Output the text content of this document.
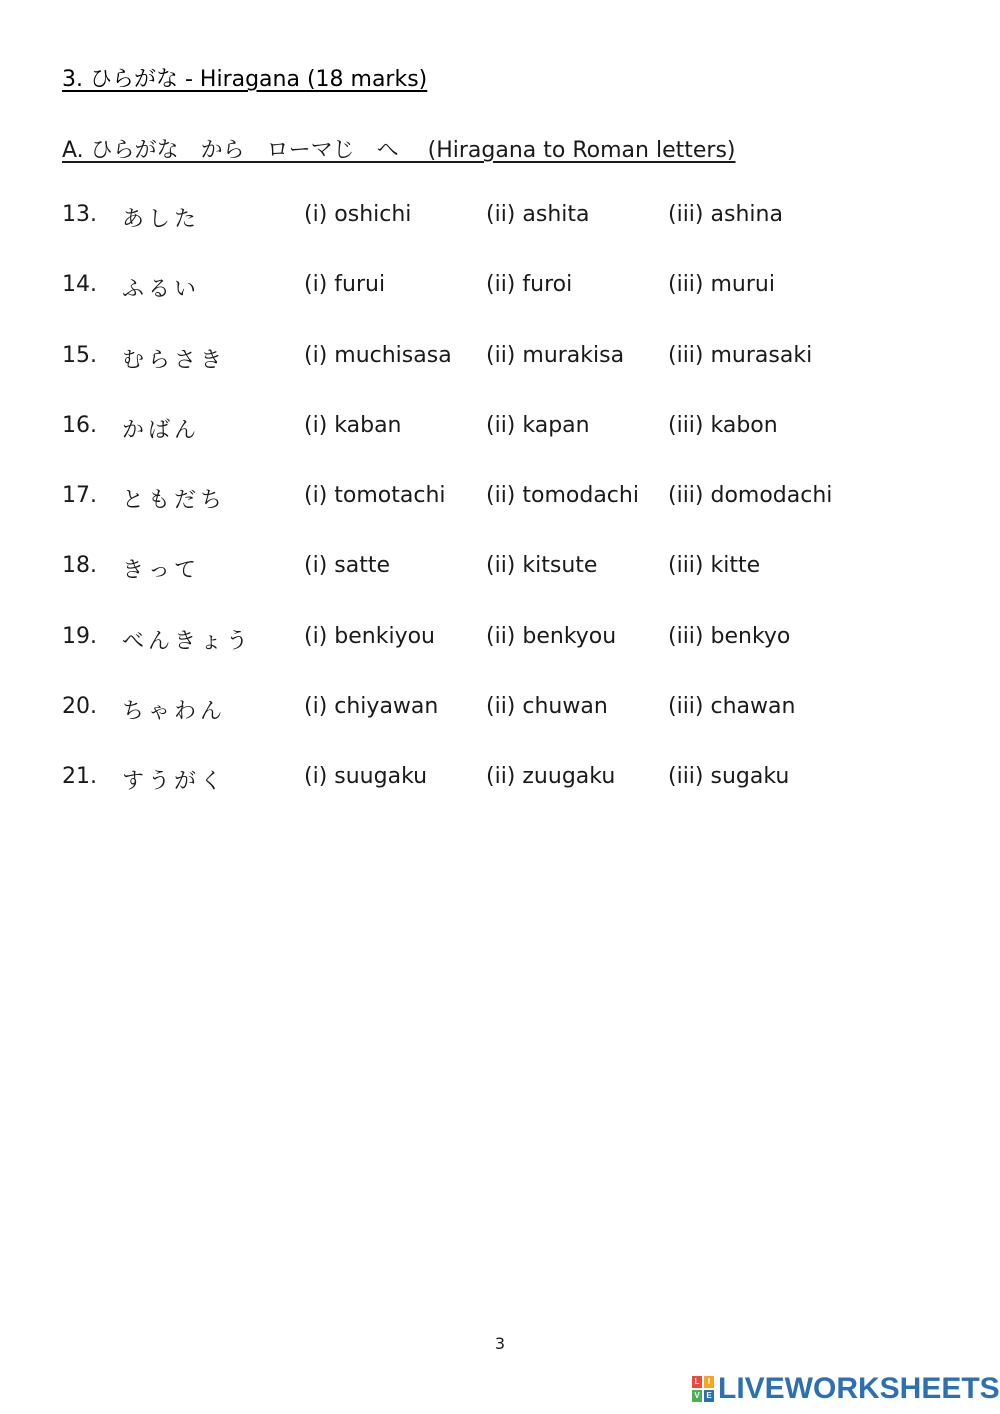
3. ひらがな - Hiragana (18 marks)
A. ひらがな　から　ローマじ　へ　 (Hiragana to Roman letters)
13. あした	(i) oshichi	(ii) ashita	(iii) ashina
14. ふるい	(i) furui	(ii) furoi	(iii) murui
15. むらさき	(i) muchisasa (ii) murakisa (iii) murasaki
16. かばん	(i) kaban	(ii) kapan	(iii) kabon
17. ともだち	(i) tomotachi (ii) tomodachi (iii) domodachi
18. きって	(i) satte	(ii) kitsute	(iii) kitte
19. べんきょう (i) benkiyou (ii) benkyou (iii) benkyo
20. ちゃわん	(i) chiyawan (ii) chuwan	(iii) chawan
21. すうがく	(i) suugaku	(ii) zuugaku (iii) sugaku
3
L	I
V E LIVEWORKSHEETS
